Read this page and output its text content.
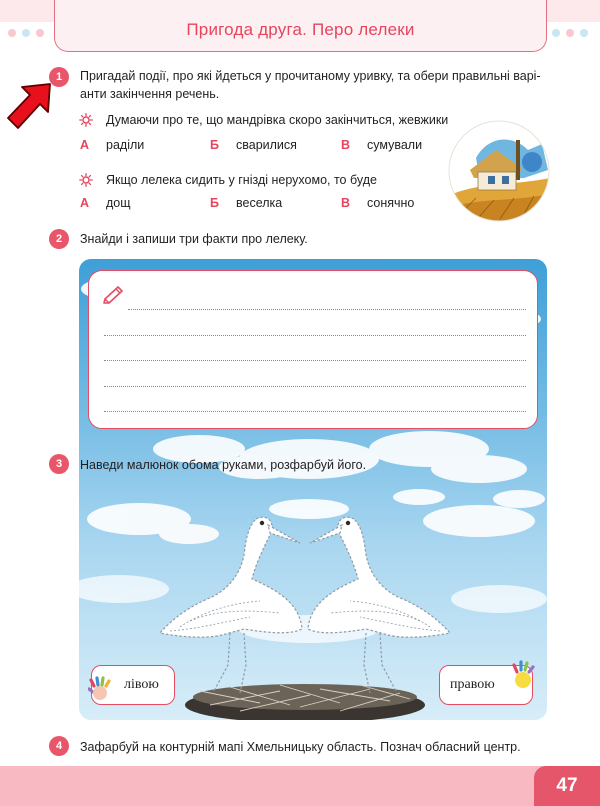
Пригода друга. Перо лелеки
1	Пригадай події, про які йдеться у прочитаному уривку, та обери правильні варі-
анти закінчення речень.
Думаючи про те, що мандрівка скоро закінчиться, жевжики
А раділи	Б сварилися	В сумували
Якщо лелека сидить у гнізді нерухомо, то буде
А дощ	Б веселка	В сонячно
2	Знайди і запиши три факти про лелеку.
3	Наведи малюнок обома руками, розфарбуй його.
лівою	правою
4	Зафарбуй на контурній мапі Хмельницьку область. Познач обласний центр.
47
